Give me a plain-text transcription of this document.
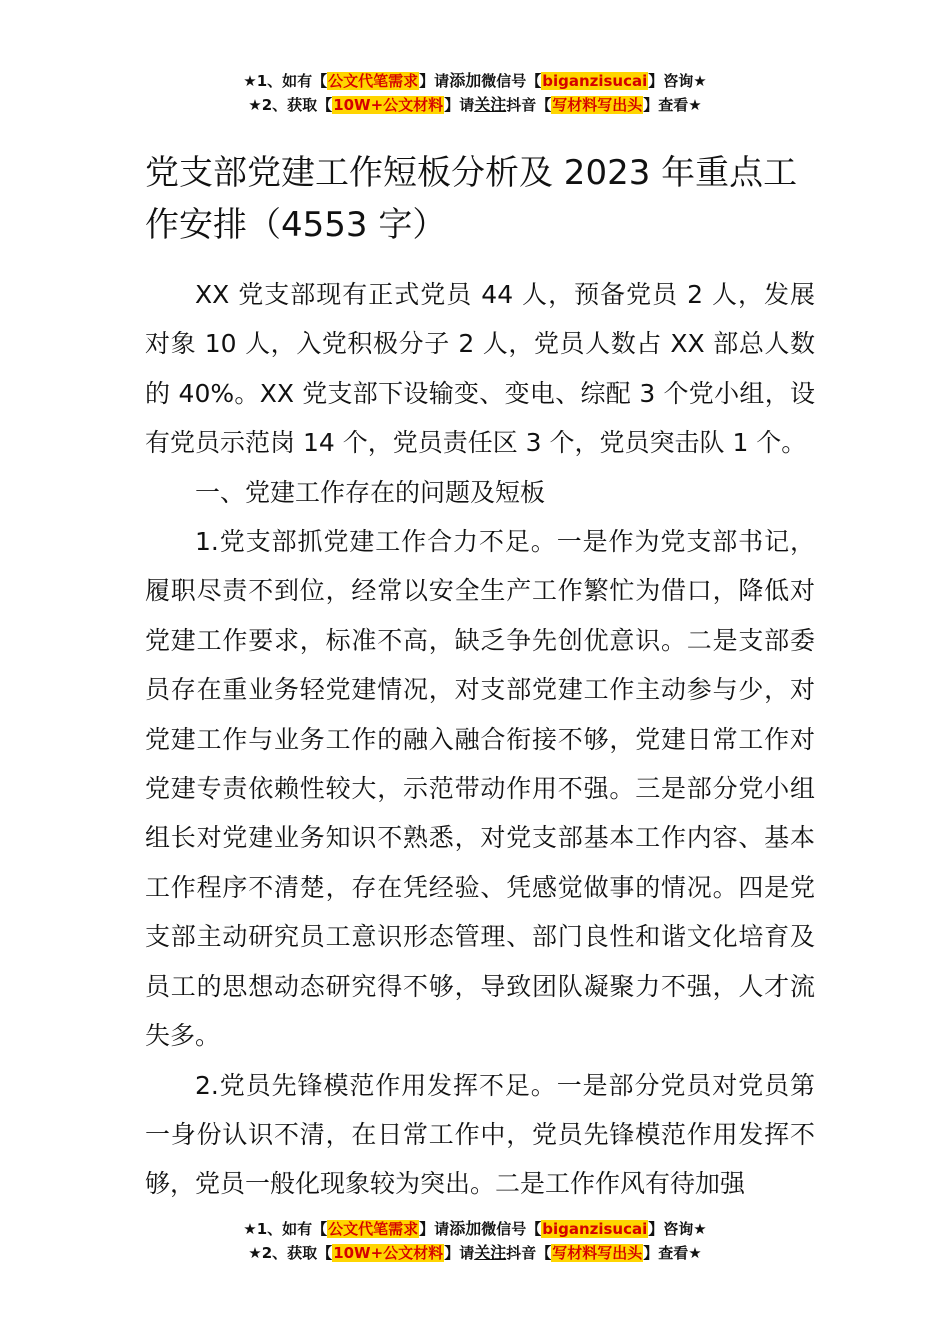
★1、如有【公文代笔需求】请添加微信号【biganzisucai】咨询★
★2、获取【10W+公文材料】请关注抖音【写材料写出头】查看★
党支部党建工作短板分析及 2023 年重点工作安排（4553 字）

XX 党支部现有正式党员 44 人，预备党员 2 人，发展对象 10 人，入党积极分子 2 人，党员人数占 XX 部总人数的 40%。XX 党支部下设输变、变电、综配 3 个党小组，设有党员示范岗 14 个，党员责任区 3 个，党员突击队 1 个。

一、党建工作存在的问题及短板

1.党支部抓党建工作合力不足。一是作为党支部书记，履职尽责不到位，经常以安全生产工作繁忙为借口，降低对党建工作要求，标准不高，缺乏争先创优意识。二是支部委员存在重业务轻党建情况，对支部党建工作主动参与少，对党建工作与业务工作的融入融合衔接不够，党建日常工作对党建专责依赖性较大，示范带动作用不强。三是部分党小组组长对党建业务知识不熟悉，对党支部基本工作内容、基本工作程序不清楚，存在凭经验、凭感觉做事的情况。四是党支部主动研究员工意识形态管理、部门良性和谐文化培育及员工的思想动态研究得不够，导致团队凝聚力不强，人才流失多。

2.党员先锋模范作用发挥不足。一是部分党员对党员第一身份认识不清，在日常工作中，党员先锋模范作用发挥不够，党员一般化现象较为突出。二是工作作风有待加强

★1、如有【公文代笔需求】请添加微信号【biganzisucai】咨询★
★2、获取【10W+公文材料】请关注抖音【写材料写出头】查看★
